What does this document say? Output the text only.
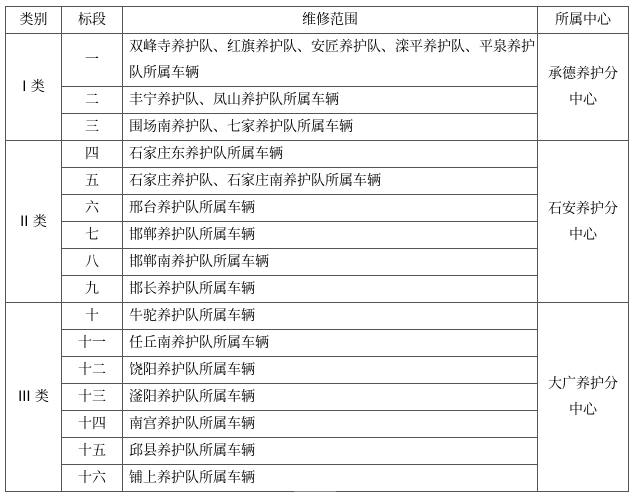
类别	标段	维修范围	所属中心
I 类	一	双峰寺养护队、红旗养护队、安匠养护队、滦平养护队、平泉养护队所属车辆	承德养护分中心

	二	丰宁养护队、凤山养护队所属车辆	
	三	围场南养护队、七家养护队所属车辆	
II 类	四	石家庄东养护队所属车辆	石安养护分中心

	五	石家庄养护队、石家庄南养护队所属车辆	
	六	邢台养护队所属车辆	
	七	邯郸养护队所属车辆	
	八	邯郸南养护队所属车辆	
	九	邯长养护队所属车辆	
III 类	十	牛驼养护队所属车辆	大广养护分中心

	十一	任丘南养护队所属车辆	
	十二	饶阳养护队所属车辆	
	十三	滏阳养护队所属车辆	
	十四	南宫养护队所属车辆	
	十五	邱县养护队所属车辆	
	十六	铺上养护队所属车辆	
